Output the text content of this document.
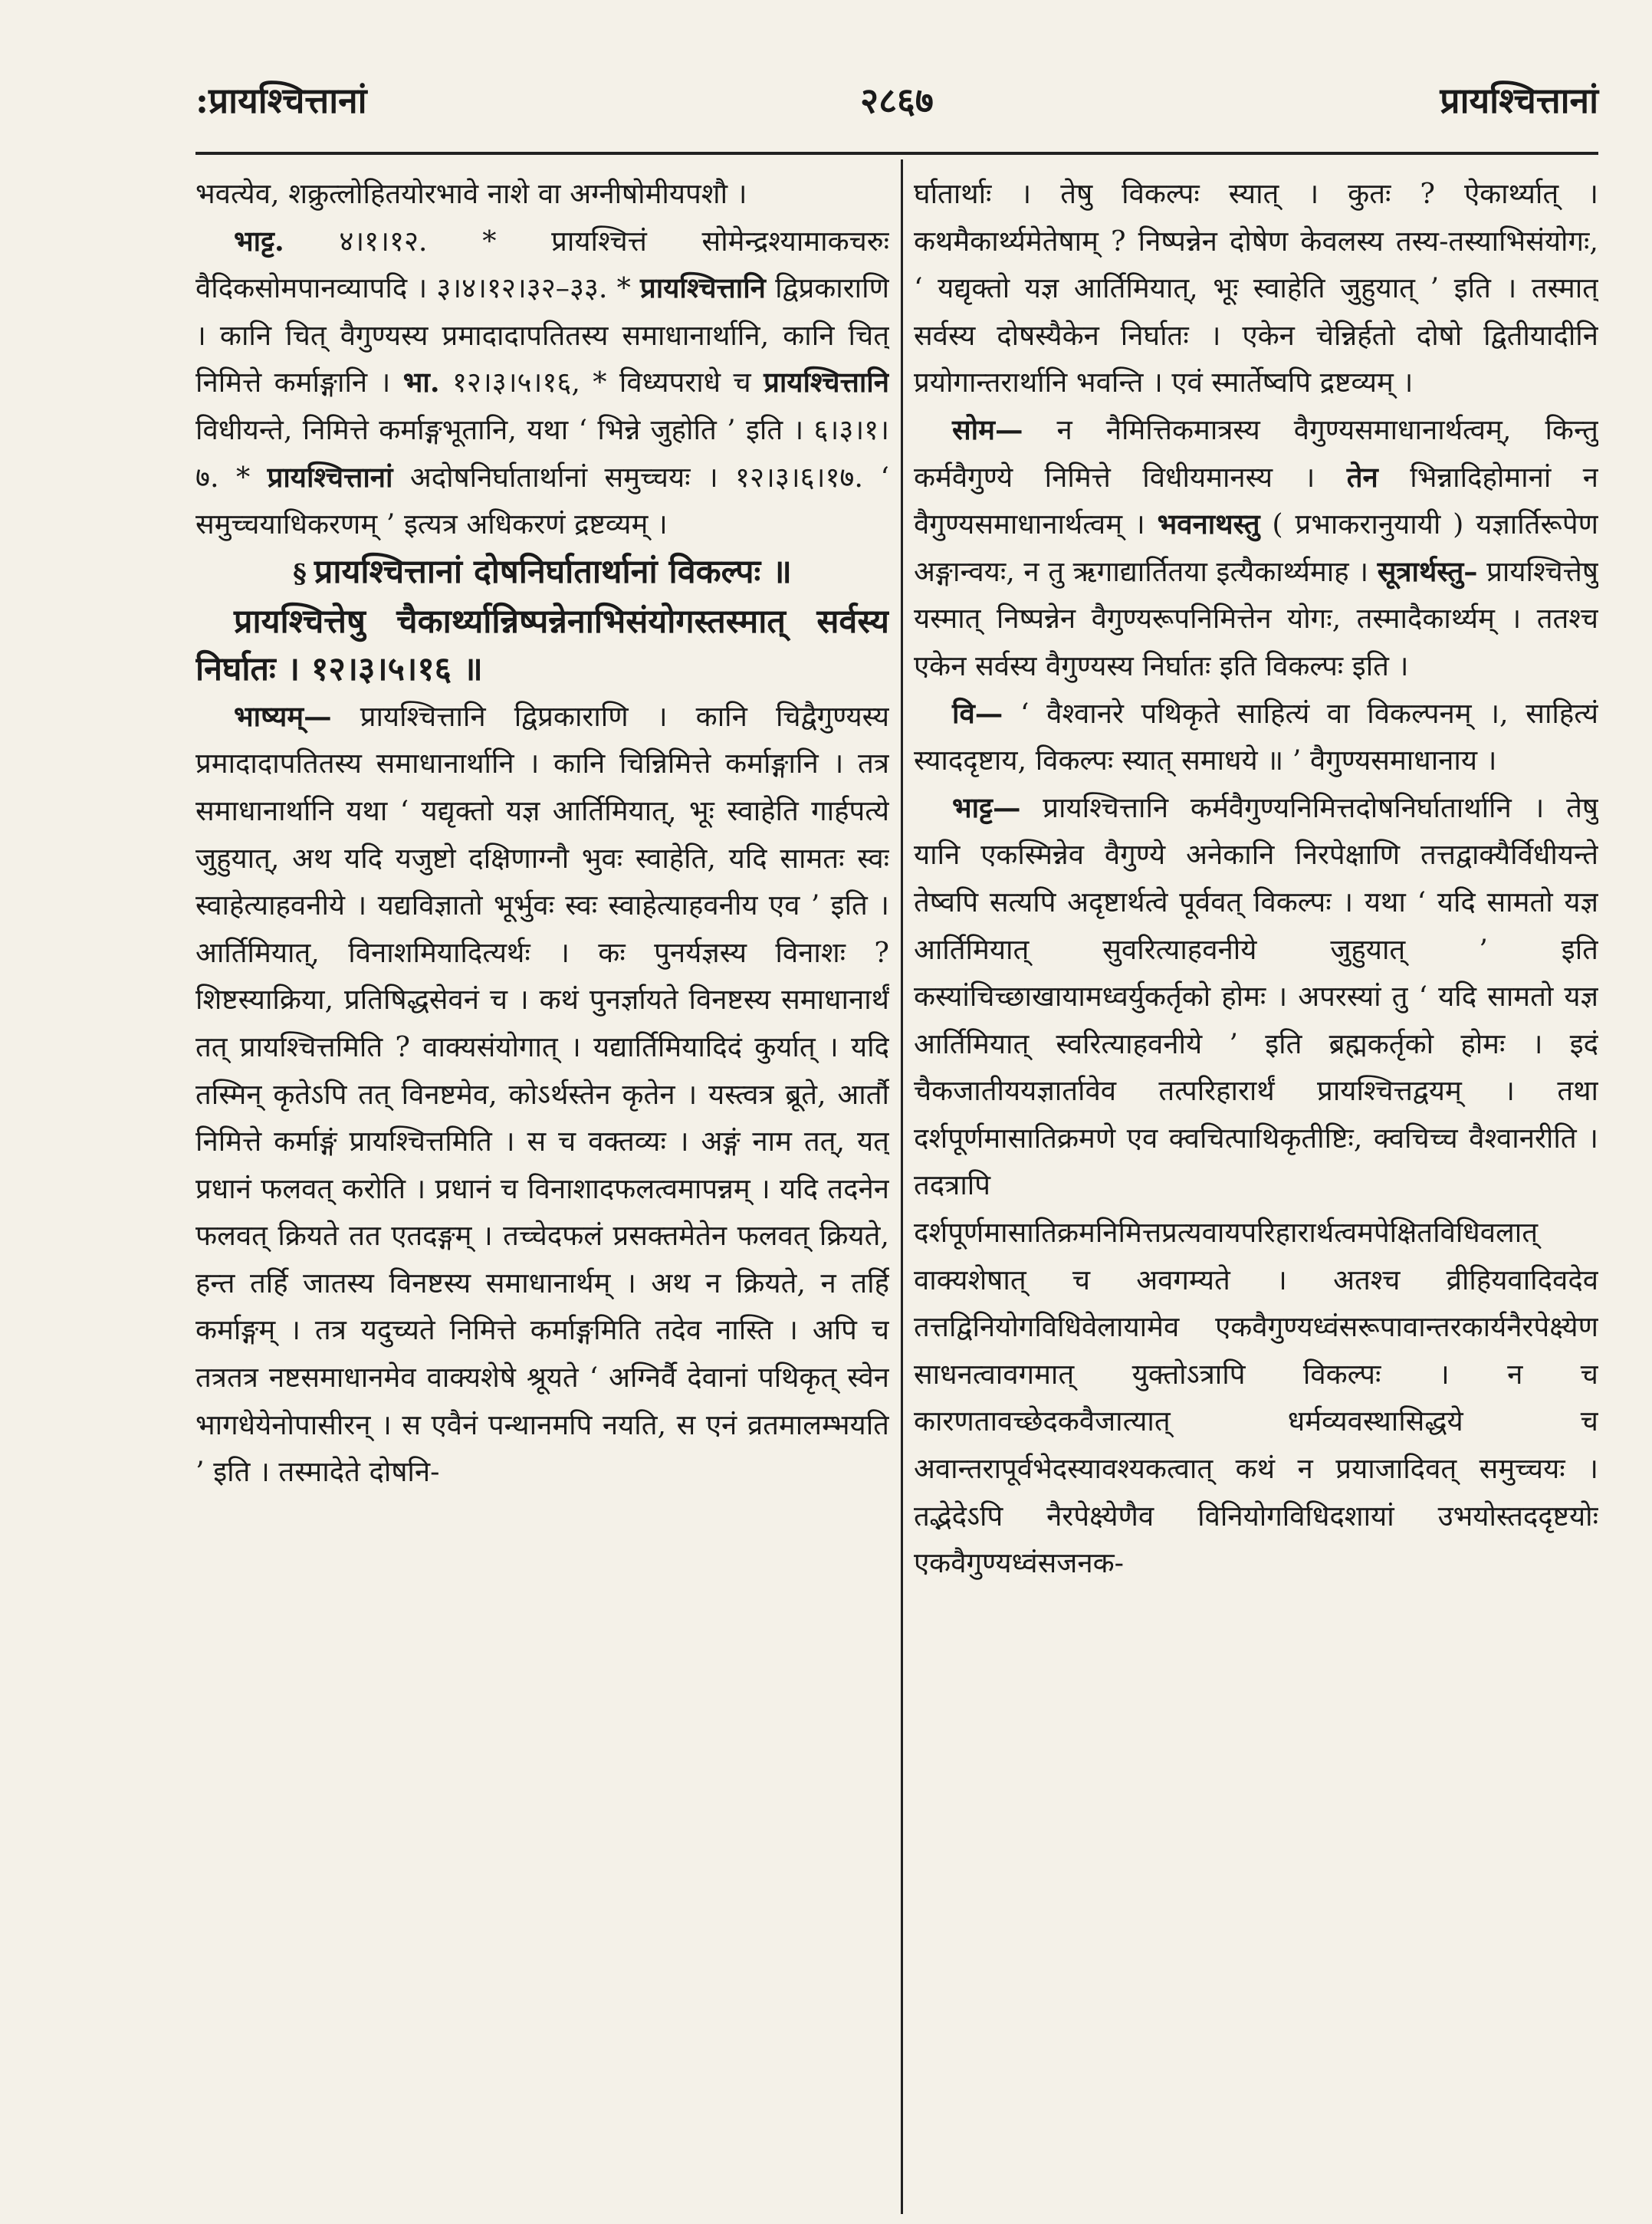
:प्रायश्चित्तानां	२८६७	प्रायश्चित्तानां

भवत्येव, शक्रुत्लोहितयोरभावे नाशे वा अग्नीषोमीयपशौ ।

भाट्ट. ४।१।१२. * प्रायश्चित्तं सोमेन्द्रश्यामाकचरुः वैदिकसोमपानव्यापदि । ३।४।१२।३२–३३. * प्रायश्चित्तानि द्विप्रकाराणि । कानि चित् वैगुण्यस्य प्रमादादापतितस्य समाधानार्थानि, कानि चित् निमित्ते कर्माङ्गानि । भा. १२।३।५।१६, * विध्यपराधे च प्रायश्चित्तानि विधीयन्ते, निमित्ते कर्माङ्गभूतानि, यथा ‘ भिन्ने जुहोति ’ इति । ६।३।१।७. * प्रायश्चित्तानां अदोषनिर्घातार्थानां समुच्चयः । १२।३।६।१७. ‘ समुच्चयाधिकरणम् ’ इत्यत्र अधिकरणं द्रष्टव्यम् ।

§ प्रायश्चित्तानां दोषनिर्घातार्थानां विकल्पः ॥

प्रायश्चित्तेषु चैकार्थ्यान्निष्पन्नेनाभिसंयोगस्तस्मात् सर्वस्य निर्घातः । १२।३।५।१६ ॥

भाष्यम्— प्रायश्चित्तानि द्विप्रकाराणि । कानि चिद्वैगुण्यस्य प्रमादादापतितस्य समाधानार्थानि । कानि चिन्निमित्ते कर्माङ्गानि । तत्र समाधानार्थानि यथा ‘ यद्यृक्तो यज्ञ आर्तिमियात्, भूः स्वाहेति गार्हपत्ये जुहुयात्, अथ यदि यजुष्टो दक्षिणाग्नौ भुवः स्वाहेति, यदि सामतः स्वः स्वाहेत्याहवनीये । यद्यविज्ञातो भूर्भुवः स्वः स्वाहेत्याहवनीय एव ’ इति । आर्तिमियात्, विनाशमियादित्यर्थः । कः पुनर्यज्ञस्य विनाशः ? शिष्टस्याक्रिया, प्रतिषिद्धसेवनं च । कथं पुनर्ज्ञायते विनष्टस्य समाधानार्थं तत् प्रायश्चित्तमिति ? वाक्यसंयोगात् । यद्यार्तिमियादिदं कुर्यात् । यदि तस्मिन् कृतेऽपि तत् विनष्टमेव, कोऽर्थस्तेन कृतेन । यस्त्वत्र ब्रूते, आर्तौ निमित्ते कर्माङ्गं प्रायश्चित्तमिति । स च वक्तव्यः । अङ्गं नाम तत्, यत् प्रधानं फलवत् करोति । प्रधानं च विनाशादफलत्वमापन्नम् । यदि तदनेन फलवत् क्रियते तत एतदङ्गम् । तच्चेदफलं प्रसक्तमेतेन फलवत् क्रियते, हन्त तर्हि जातस्य विनष्टस्य समाधानार्थम् । अथ न क्रियते, न तर्हि कर्माङ्गम् । तत्र यदुच्यते निमित्ते कर्माङ्गमिति तदेव नास्ति । अपि च तत्रतत्र नष्टसमाधानमेव वाक्यशेषे श्रूयते ‘ अग्निर्वै देवानां पथिकृत् स्वेन भागधेयेनोपासीरन् । स एवैनं पन्थानमपि नयति, स एनं व्रतमालम्भयति ’ इति । तस्मादेते दोषनि-

र्घातार्थाः । तेषु विकल्पः स्यात् । कुतः ? ऐकार्थ्यात् । कथमैकार्थ्यमेतेषाम् ? निष्पन्नेन दोषेण केवलस्य तस्य-तस्याभिसंयोगः, ‘ यद्यृक्तो यज्ञ आर्तिमियात्, भूः स्वाहेति जुहुयात् ’ इति । तस्मात् सर्वस्य दोषस्यैकेन निर्घातः । एकेन चेन्निर्हतो दोषो द्वितीयादीनि प्रयोगान्तरार्थानि भवन्ति । एवं स्मार्तेष्वपि द्रष्टव्यम् ।

सोम— न नैमित्तिकमात्रस्य वैगुण्यसमाधानार्थत्वम्, किन्तु कर्मवैगुण्ये निमित्ते विधीयमानस्य । तेन भिन्नादिहोमानां न वैगुण्यसमाधानार्थत्वम् । भवनाथस्तु ( प्रभाकरानुयायी ) यज्ञार्तिरूपेण अङ्गान्वयः, न तु ऋगाद्यार्तितया इत्यैकार्थ्यमाह । सूत्रार्थस्तु– प्रायश्चित्तेषु यस्मात् निष्पन्नेन वैगुण्यरूपनिमित्तेन योगः, तस्मादैकार्थ्यम् । ततश्च एकेन सर्वस्य वैगुण्यस्य निर्घातः इति विकल्पः इति ।

वि— ‘ वैश्वानरे पथिकृते साहित्यं वा विकल्पनम् ।, साहित्यं स्याददृष्टाय, विकल्पः स्यात् समाधये ॥ ’ वैगुण्यसमाधानाय ।

भाट्ट— प्रायश्चित्तानि कर्मवैगुण्यनिमित्तदोषनिर्घातार्थानि । तेषु यानि एकस्मिन्नेव वैगुण्ये अनेकानि निरपेक्षाणि तत्तद्वाक्यैर्विधीयन्ते तेष्वपि सत्यपि अदृष्टार्थत्वे पूर्ववत् विकल्पः । यथा ‘ यदि सामतो यज्ञ आर्तिमियात् सुवरित्याहवनीये जुहुयात् ’ इति कस्यांचिच्छाखायामध्वर्युकर्तृको होमः । अपरस्यां तु ‘ यदि सामतो यज्ञ आर्तिमियात् स्वरित्याहवनीये ’ इति ब्रह्मकर्तृको होमः । इदं चैकजातीययज्ञार्तावेव तत्परिहारार्थं प्रायश्चित्तद्वयम् । तथा दर्शपूर्णमासातिक्रमणे एव क्वचित्पाथिकृतीष्टिः, क्वचिच्च वैश्वानरीति । तदत्रापि दर्शपूर्णमासातिक्रमनिमित्तप्रत्यवायपरिहारार्थत्वमपेक्षितविधिवलात् वाक्यशेषात् च अवगम्यते । अतश्च व्रीहियवादिवदेव तत्तद्विनियोगविधिवेलायामेव एकवैगुण्यध्वंसरूपावान्तरकार्यनैरपेक्ष्येण साधनत्वावगमात् युक्तोऽत्रापि विकल्पः । न च कारणतावच्छेदकवैजात्यात् धर्मव्यवस्थासिद्धये च अवान्तरापूर्वभेदस्यावश्यकत्वात् कथं न प्रयाजादिवत् समुच्चयः । तद्भेदेऽपि नैरपेक्ष्येणैव विनियोगविधिदशायां उभयोस्तददृष्टयोः एकवैगुण्यध्वंसजनक-
